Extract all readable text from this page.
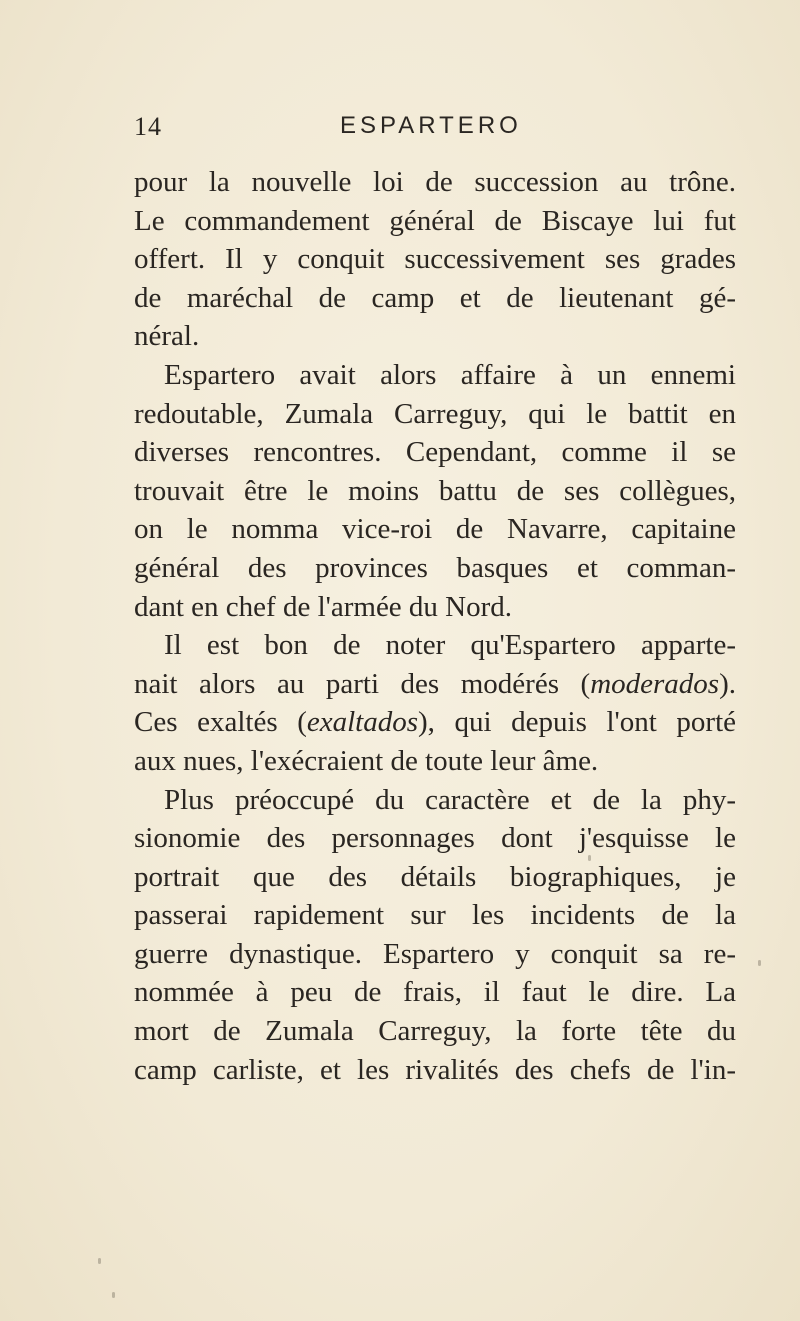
14	ESPARTERO
pour la nouvelle loi de succession au trône.
Le commandement général de Biscaye lui fut
offert. Il y conquit successivement ses grades
de maréchal de camp et de lieutenant gé-
néral.
Espartero avait alors affaire à un ennemi
redoutable, Zumala Carreguy, qui le battit en
diverses rencontres. Cependant, comme il se
trouvait être le moins battu de ses collègues,
on le nomma vice-roi de Navarre, capitaine
général des provinces basques et comman-
dant en chef de l'armée du Nord.
Il est bon de noter qu'Espartero apparte-
nait alors au parti des modérés (moderados).
Ces exaltés (exaltados), qui depuis l'ont porté
aux nues, l'exécraient de toute leur âme.
Plus préoccupé du caractère et de la phy-
sionomie des personnages dont j'esquisse le
portrait que des détails biographiques, je
passerai rapidement sur les incidents de la
guerre dynastique. Espartero y conquit sa re-
nommée à peu de frais, il faut le dire. La
mort de Zumala Carreguy, la forte tête du
camp carliste, et les rivalités des chefs de l'in-
